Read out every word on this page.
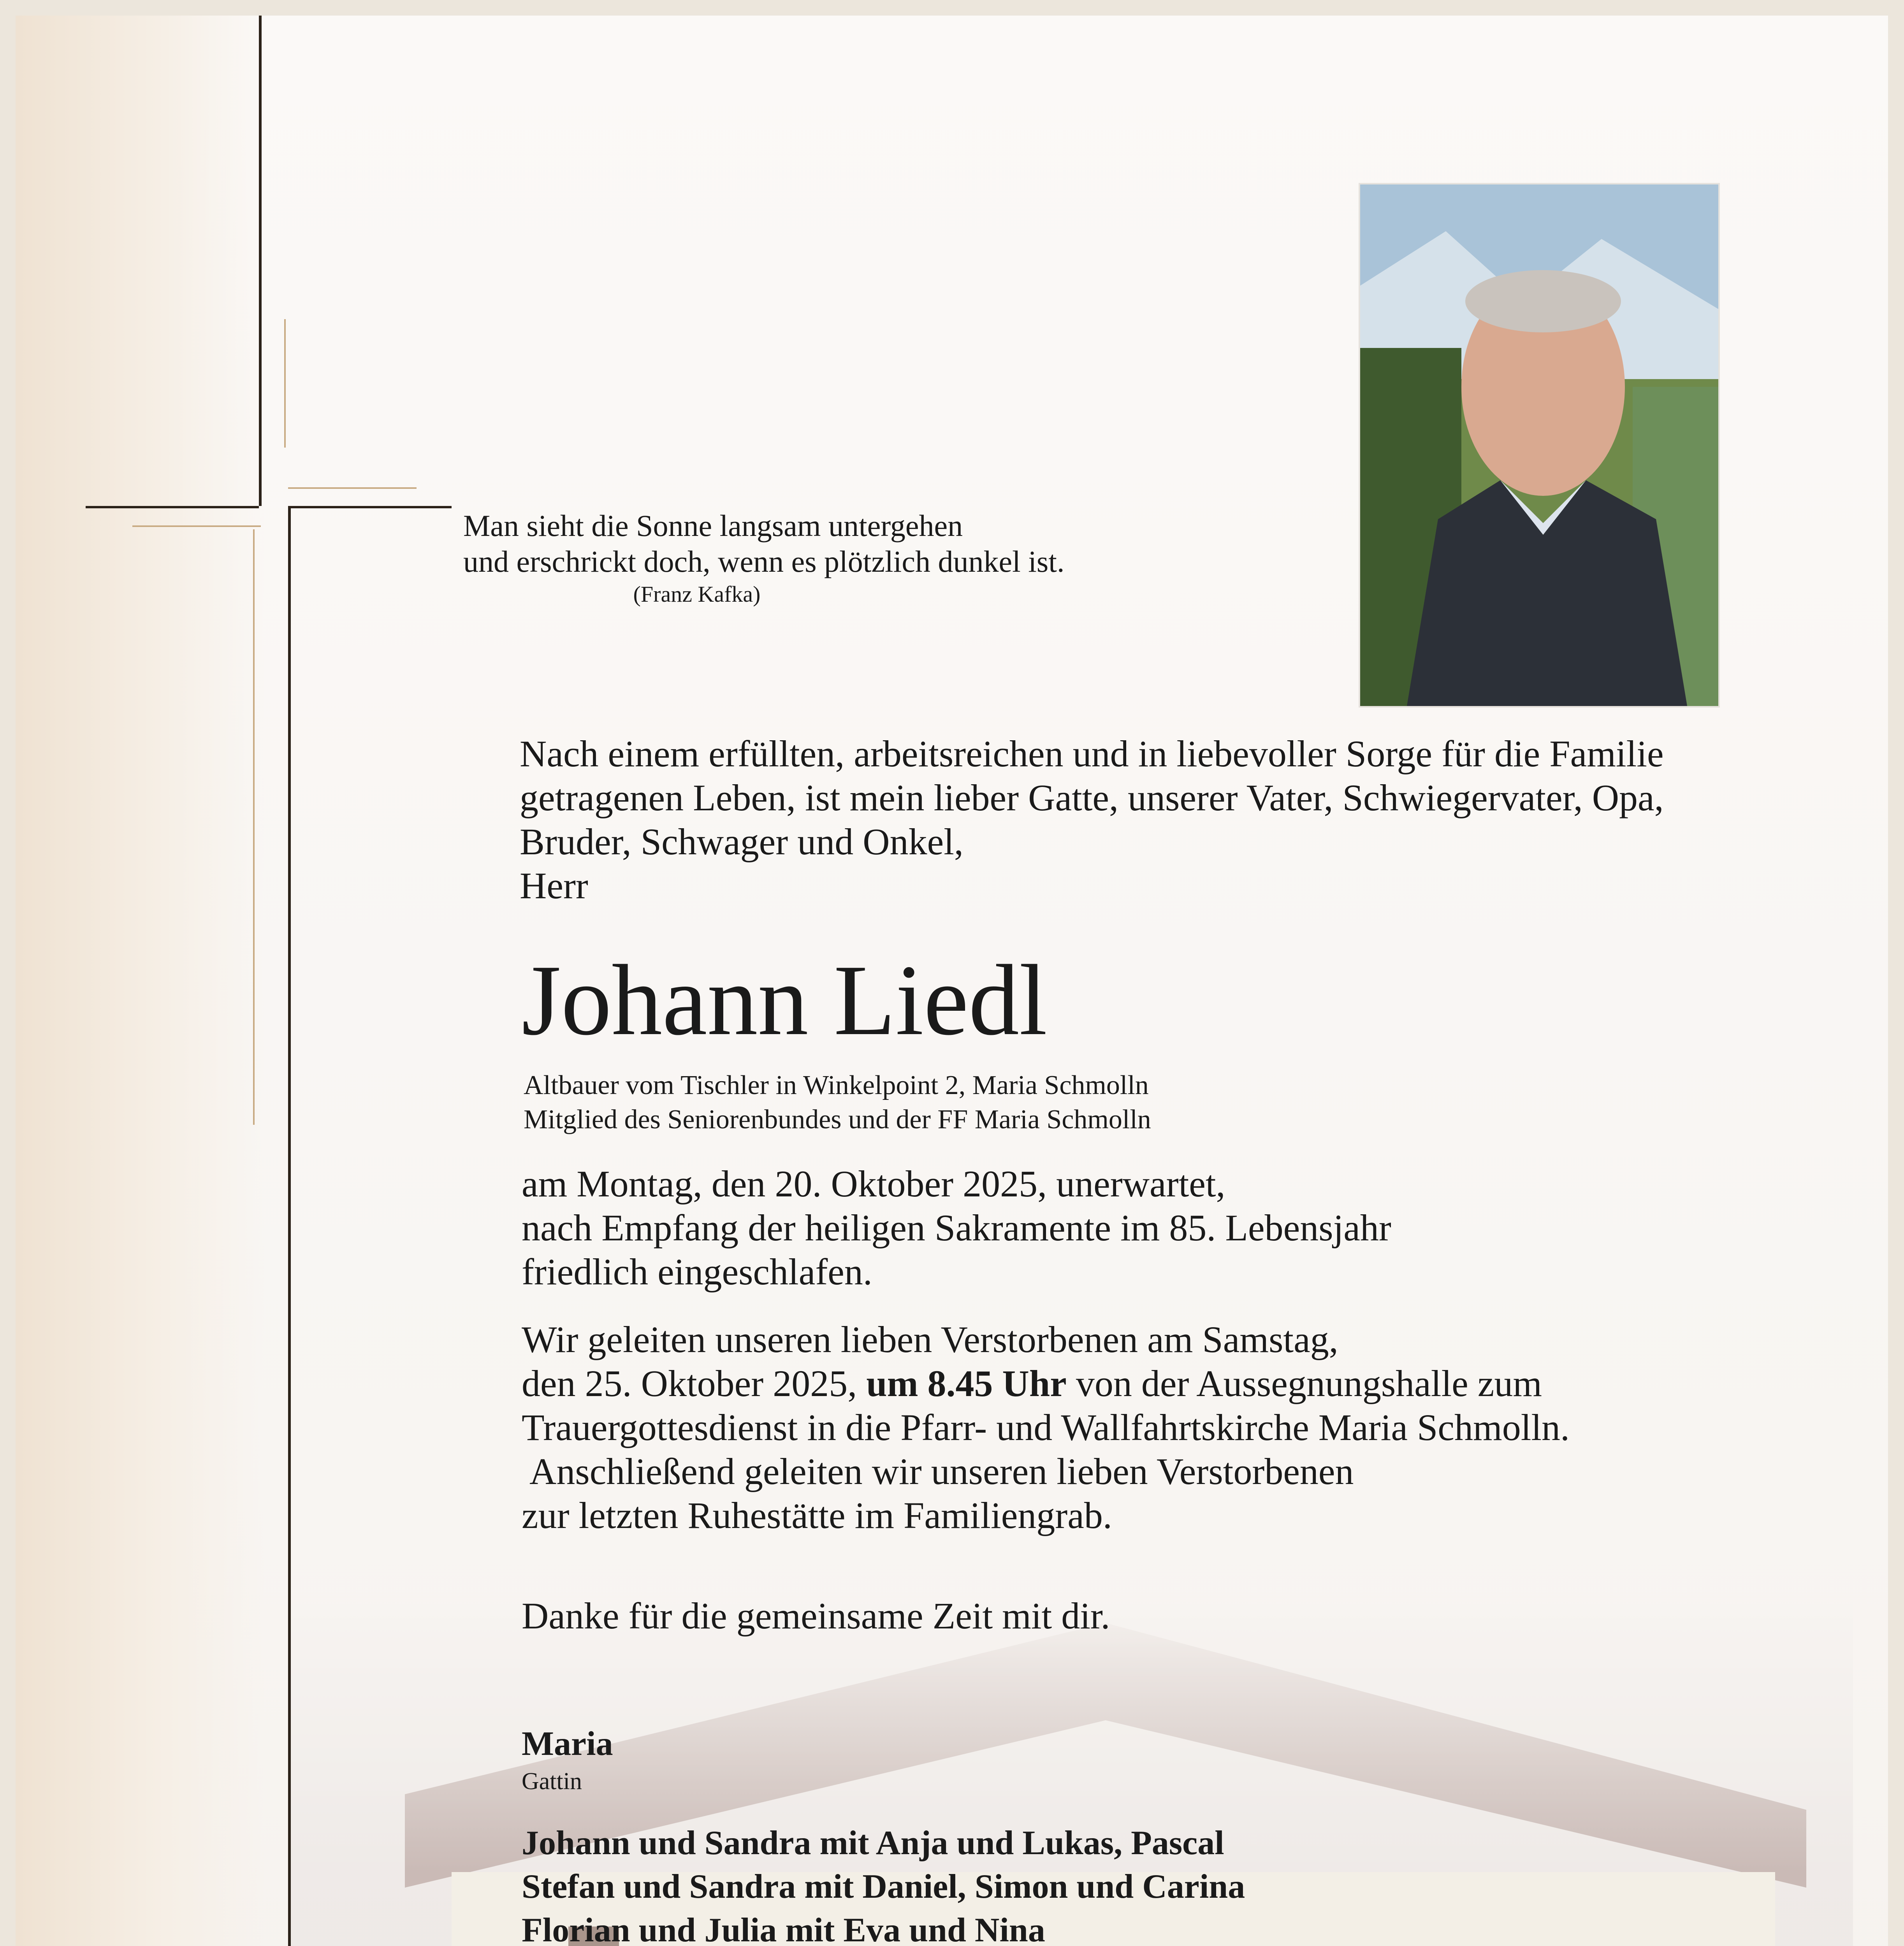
Man sieht die Sonne langsam untergehen
und erschrickt doch, wenn es plötzlich dunkel ist.
(Franz Kafka)
Nach einem erfüllten, arbeitsreichen und in liebevoller Sorge für die Familie
getragenen Leben, ist mein lieber Gatte, unserer Vater, Schwiegervater, Opa,
Bruder, Schwager und Onkel,
Herr
Johann Liedl
Altbauer vom Tischler in Winkelpoint 2, Maria Schmolln
Mitglied des Seniorenbundes und der FF Maria Schmolln
am Montag, den 20. Oktober 2025, unerwartet,
nach Empfang der heiligen Sakramente im 85. Lebensjahr
friedlich eingeschlafen.
Wir geleiten unseren lieben Verstorbenen am Samstag,
den 25. Oktober 2025, um 8.45 Uhr von der Aussegnungshalle zum
Trauergottesdienst in die Pfarr- und Wallfahrtskirche Maria Schmolln.
Anschließend geleiten wir unseren lieben Verstorbenen
zur letzten Ruhestätte im Familiengrab.
Danke für die gemeinsame Zeit mit dir.
Maria
Gattin
Johann und Sandra mit Anja und Lukas, Pascal
Stefan und Sandra mit Daniel, Simon und Carina
Florian und Julia mit Eva und Nina
